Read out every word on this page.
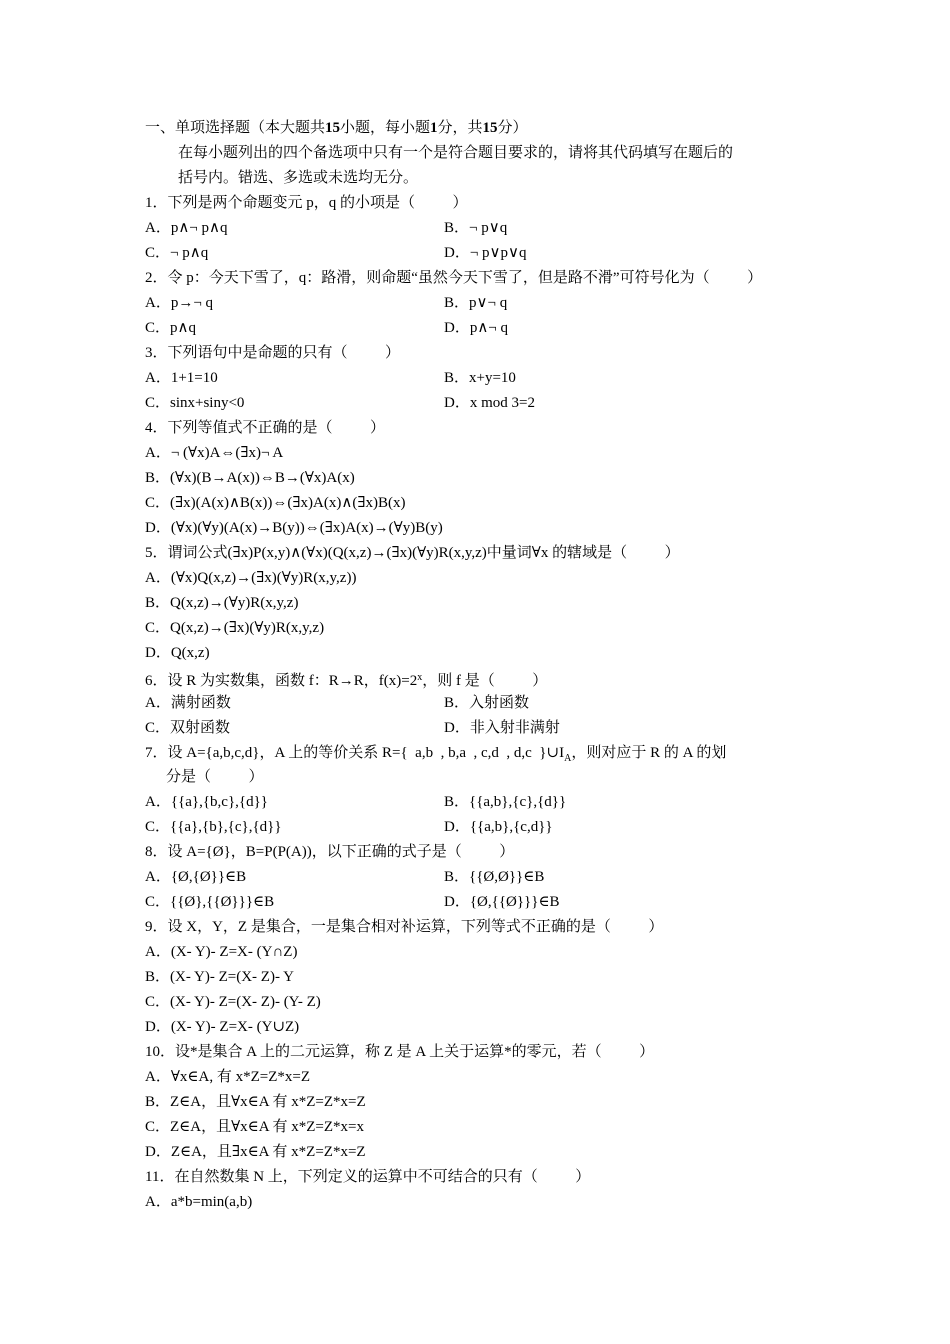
一、单项选择题（本大题共15小题，每小题1分，共15分）
在每小题列出的四个备选项中只有一个是符合题目要求的，请将其代码填写在题后的
括号内。错选、多选或未选均无分。
1．下列是两个命题变元 p，q 的小项是（          ）
A．p∧¬ p∧q	B．¬ p∨q
C．¬ p∧q	D．¬ p∨p∨q
2．令 p：今天下雪了，q：路滑，则命题“虽然今天下雪了，但是路不滑”可符号化为（          ）
A．p→¬ q	B．p∨¬ q
C．p∧q	D．p∧¬ q
3．下列语句中是命题的只有（          ）
A．1+1=10	B．x+y=10
C．sinx+siny<0	D．x mod 3=2
4．下列等值式不正确的是（          ）
A．¬ (∀x)A⇔(∃x)¬ A
B．(∀x)(B→A(x))⇔B→(∀x)A(x)
C．(∃x)(A(x)∧B(x))⇔(∃x)A(x)∧(∃x)B(x)
D．(∀x)(∀y)(A(x)→B(y))⇔(∃x)A(x)→(∀y)B(y)
5．谓词公式(∃x)P(x,y)∧(∀x)(Q(x,z)→(∃x)(∀y)R(x,y,z)中量词∀x 的辖域是（          ）
A．(∀x)Q(x,z)→(∃x)(∀y)R(x,y,z))
B．Q(x,z)→(∀y)R(x,y,z)
C．Q(x,z)→(∃x)(∀y)R(x,y,z)
D．Q(x,z)
6．设 R 为实数集，函数 f：R→R，$f(x)=2^x$，则 f 是（          ）
A．满射函数	B．入射函数
C．双射函数	D．非入射非满射
7．设 A={a,b,c,d}，A 上的等价关系 R={  a,b  , b,a  , c,d  , d,c  }$\cup I_A$，则对应于 R 的 A 的划
分是（          ）
A．{{a},{b,c},{d}}	B．{{a,b},{c},{d}}
C．{{a},{b},{c},{d}}	D．{{a,b},{c,d}}
8．设 A={Ø}，B=P(P(A))，以下正确的式子是（          ）
A．{Ø,{Ø}}∈B	B．{{Ø,Ø}}∈B
C．{{Ø},{{Ø}}}∈B	D．{Ø,{{Ø}}}∈B
9．设 X，Y，Z 是集合，一是集合相对补运算，下列等式不正确的是（          ）
A．(X- Y)- Z=X- (Y∩Z)
B．(X- Y)- Z=(X- Z)- Y
C．(X- Y)- Z=(X- Z)- (Y- Z)
D．(X- Y)- Z=X- (Y∪Z)
10．设*是集合 A 上的二元运算，称 Z 是 A 上关于运算*的零元，若（          ）
A．∀x∈A, 有 x*Z=Z*x=Z
B．Z∈A，且∀x∈A 有 x*Z=Z*x=Z
C．Z∈A，且∀x∈A 有 x*Z=Z*x=x
D．Z∈A，且∃x∈A 有 x*Z=Z*x=Z
11．在自然数集 N 上，下列定义的运算中不可结合的只有（          ）
A．a*b=min(a,b)
